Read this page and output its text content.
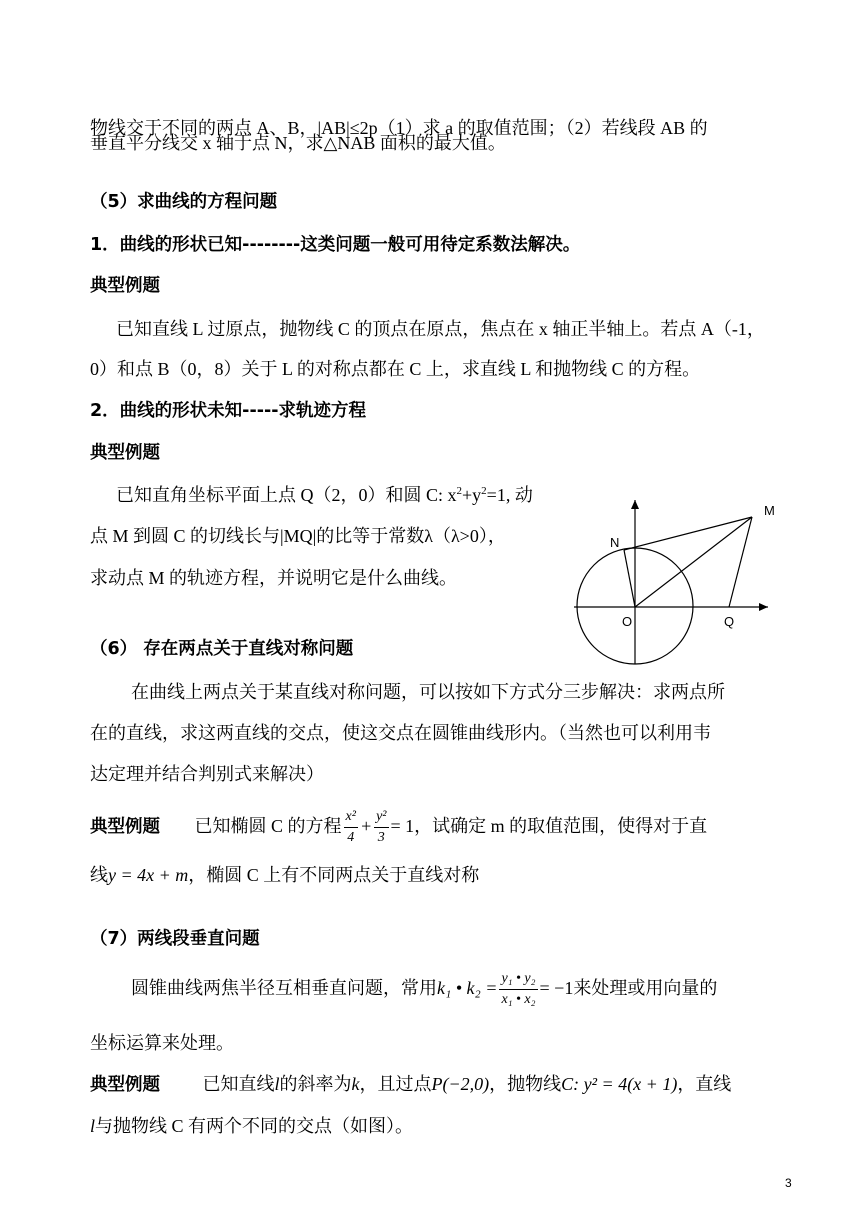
物线交于不同的两点 A、B，|AB|≤2p（1）求 a 的取值范围；（2）若线段 AB 的
垂直平分线交 x 轴于点 N，求△NAB 面积的最大值。
（5）求曲线的方程问题
1．曲线的形状已知--------这类问题一般可用待定系数法解决。
典型例题
已知直线 L 过原点，抛物线 C 的顶点在原点，焦点在 x 轴正半轴上。若点 A（-1，
0）和点 B（0，8）关于 L 的对称点都在 C 上，求直线 L 和抛物线 C 的方程。
2．曲线的形状未知-----求轨迹方程
典型例题
已知直角坐标平面上点 Q（2，0）和圆 C: $x^2+y^2=1$, 动
点 M 到圆 C 的切线长与|MQ|的比等于常数λ（λ>0），
求动点 M 的轨迹方程，并说明它是什么曲线。
M
N
O	Q
（6） 存在两点关于直线对称问题
在曲线上两点关于某直线对称问题，可以按如下方式分三步解决：求两点所
在的直线，求这两直线的交点，使这交点在圆锥曲线形内。（当然也可以利用韦
达定理并结合判别式来解决）
典型例题 已知椭圆 C 的方程 $\frac{\text{x²}}{4} + \frac{\text{y²}}{3} = 1$，试确定 m 的取值范围，使得对于直
线y = 4x + m，椭圆 C 上有不同两点关于直线对称
（7）两线段垂直问题
圆锥曲线两焦半径互相垂直问题，常用k₁ • $k_2 = \frac{\text{y₁ • y₂}}{\text{x₁ • x₂}} = -1$来处理或用向量的
坐标运算来处理。
典型例题 已知直线l的斜率为k，且过点P(−2,0)，抛物线C: y² = 4(x + 1)，直线
l与抛物线 C 有两个不同的交点（如图）。
3
